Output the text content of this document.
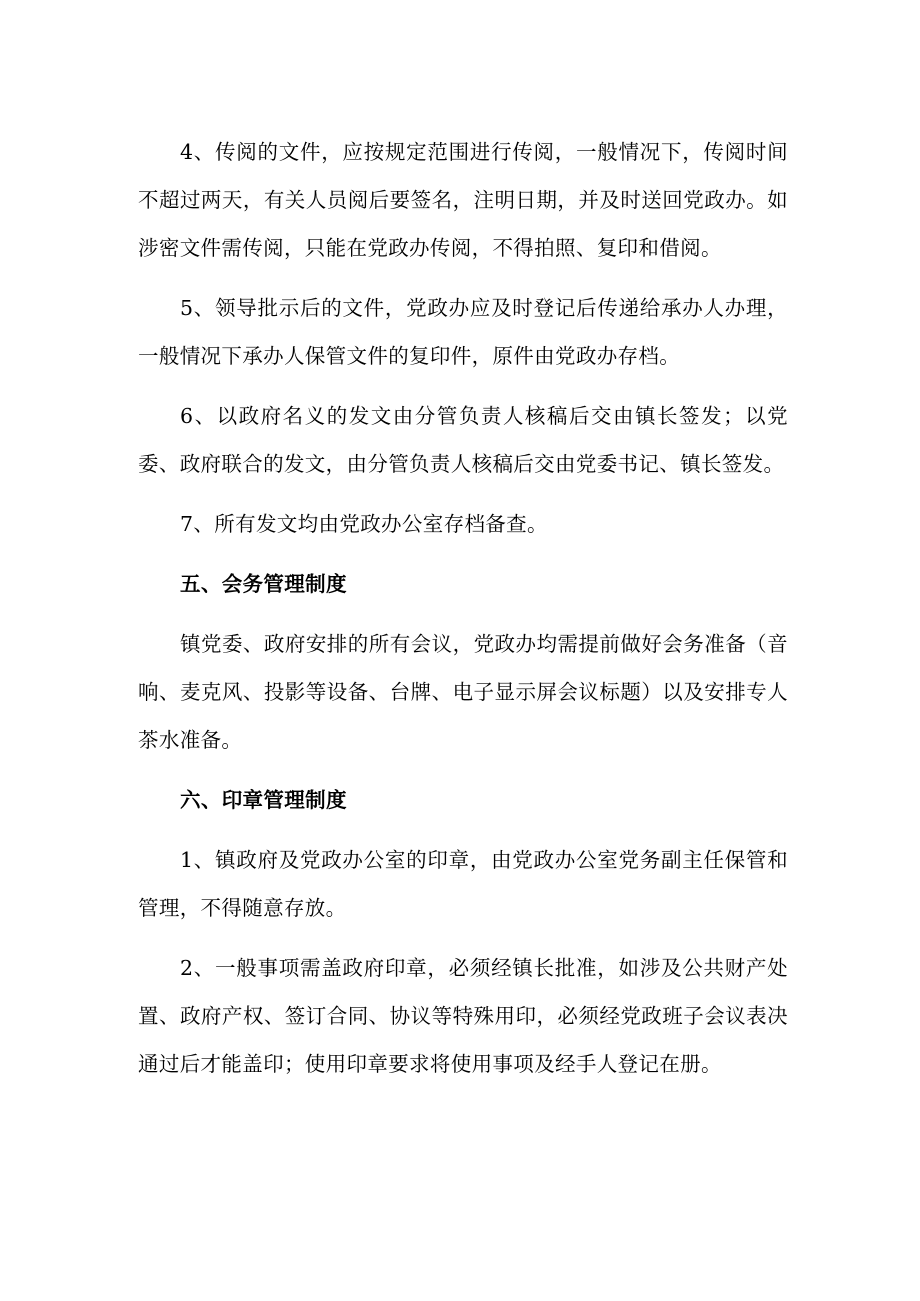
4、传阅的文件，应按规定范围进行传阅，一般情况下，传阅时间不超过两天，有关人员阅后要签名，注明日期，并及时送回党政办。如涉密文件需传阅，只能在党政办传阅，不得拍照、复印和借阅。

5、领导批示后的文件，党政办应及时登记后传递给承办人办理，一般情况下承办人保管文件的复印件，原件由党政办存档。

6、以政府名义的发文由分管负责人核稿后交由镇长签发；以党委、政府联合的发文，由分管负责人核稿后交由党委书记、镇长签发。

7、所有发文均由党政办公室存档备查。

五、会务管理制度

镇党委、政府安排的所有会议，党政办均需提前做好会务准备（音响、麦克风、投影等设备、台牌、电子显示屏会议标题）以及安排专人茶水准备。

六、印章管理制度

1、镇政府及党政办公室的印章，由党政办公室党务副主任保管和管理，不得随意存放。

2、一般事项需盖政府印章，必须经镇长批准，如涉及公共财产处置、政府产权、签订合同、协议等特殊用印，必须经党政班子会议表决通过后才能盖印；使用印章要求将使用事项及经手人登记在册。
